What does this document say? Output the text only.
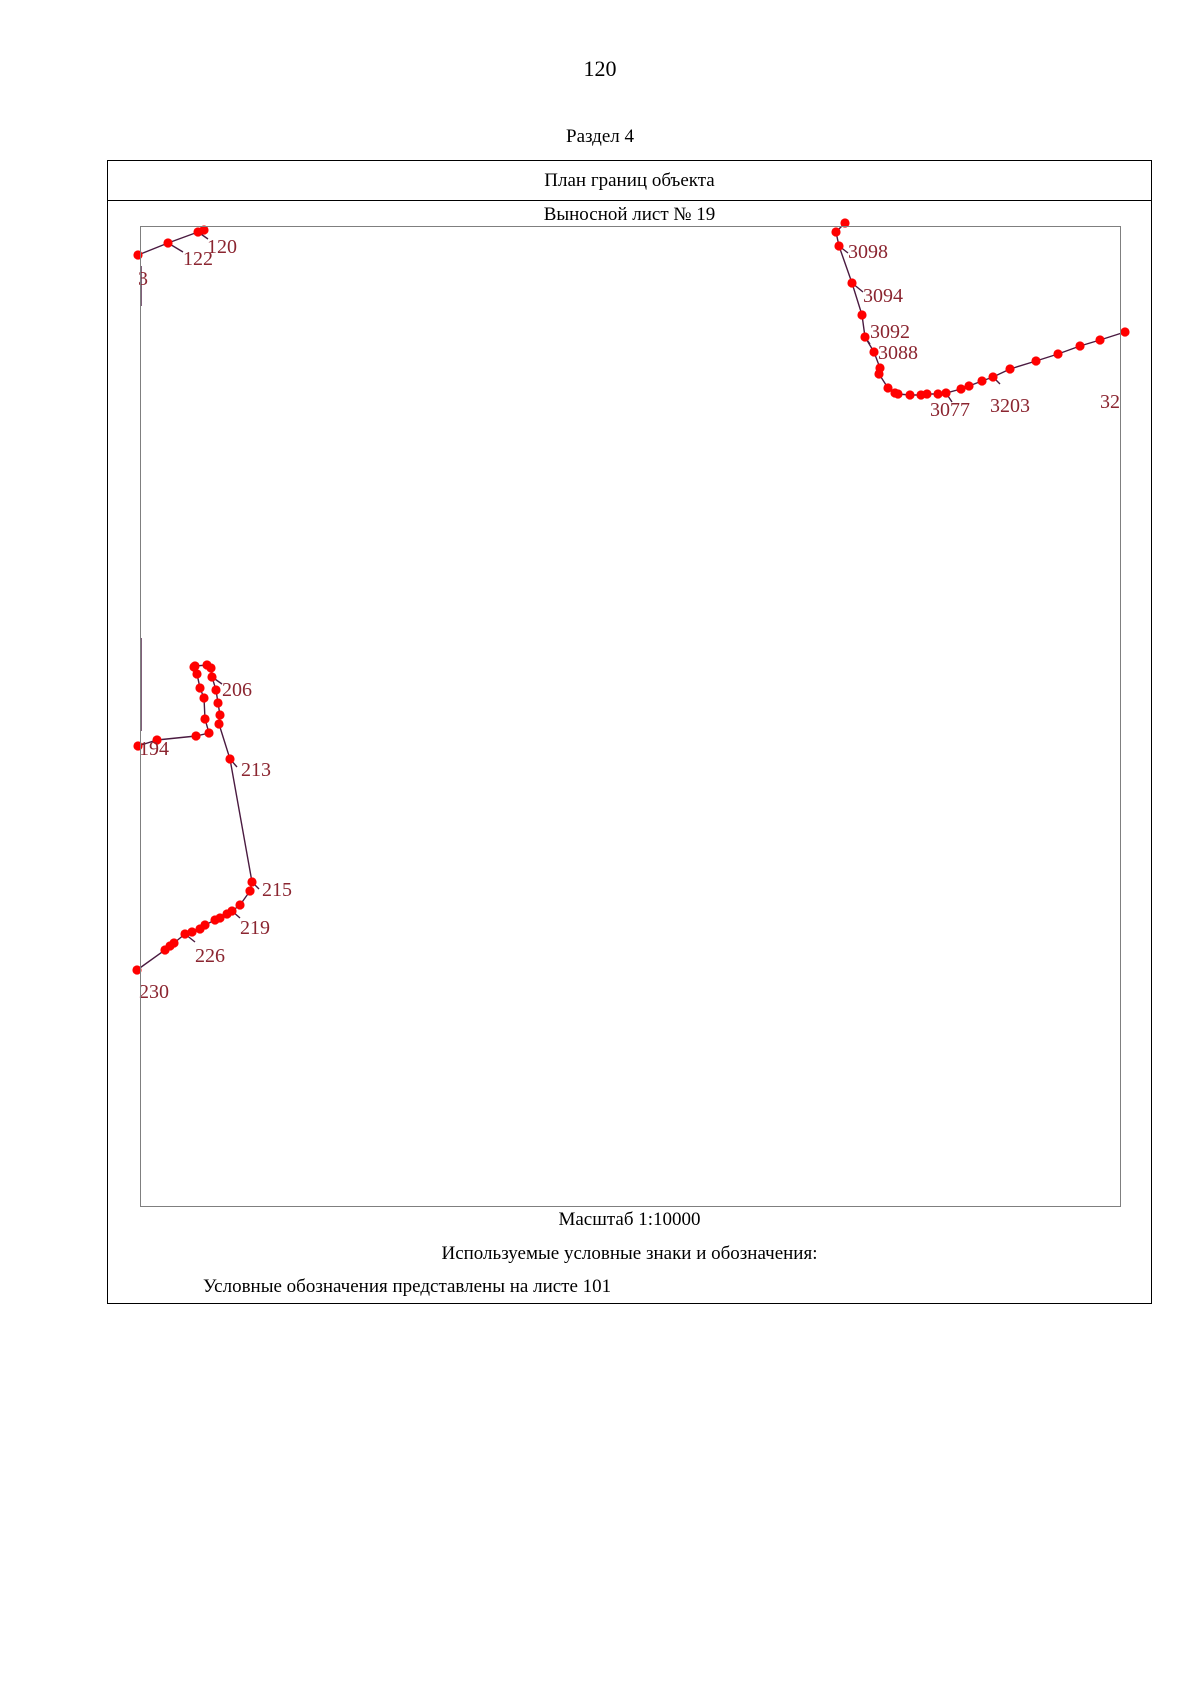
120
Раздел 4
План границ объекта
Выносной лист № 19
122
120
3
3098
3094
3092
3088
3077 3203	32
206
194
213
215
219
226
230
Масштаб 1:10000
Используемые условные знаки и обозначения:
Условные обозначения представлены на листе 101
